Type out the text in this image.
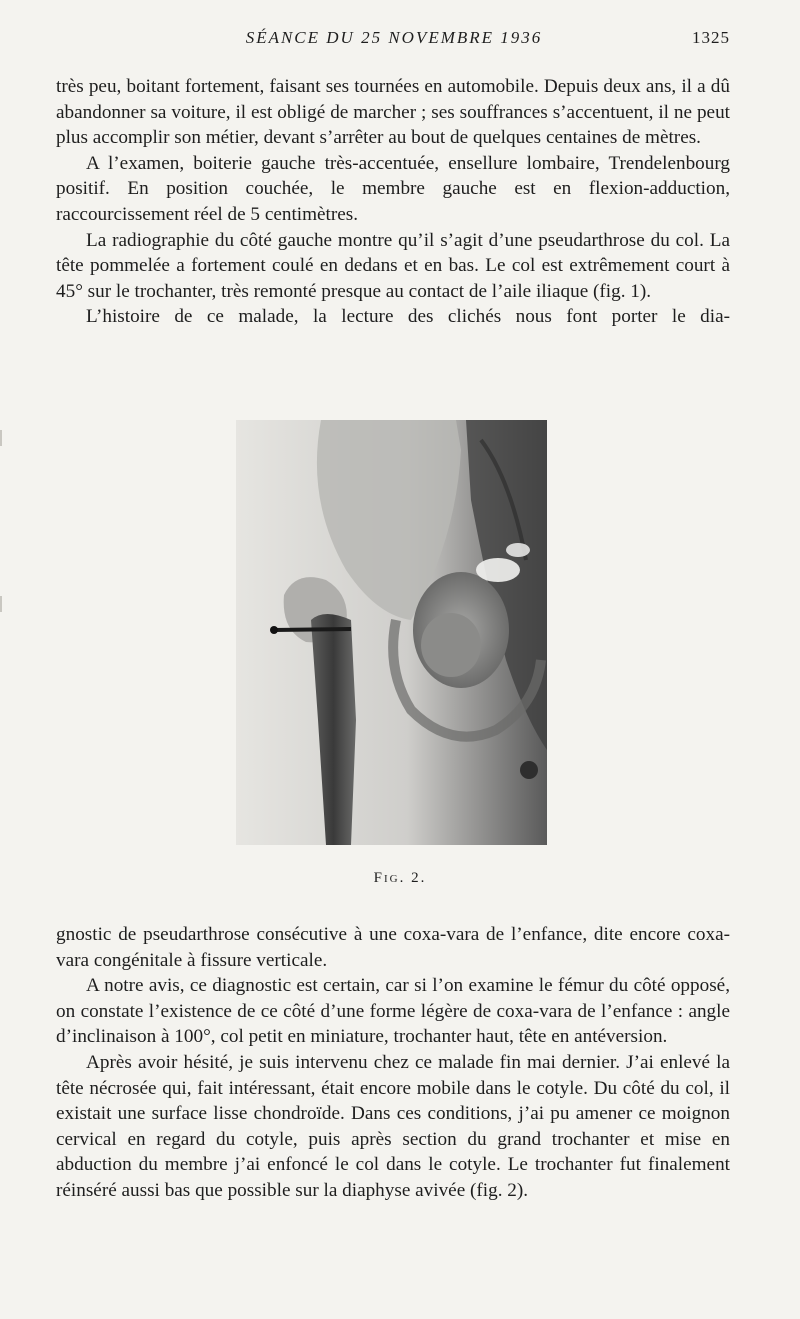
SÉANCE DU 25 NOVEMBRE 1936	1325

très peu, boitant fortement, faisant ses tournées en automobile. Depuis deux ans, il a dû abandonner sa voiture, il est obligé de marcher ; ses souffrances s’accentuent, il ne peut plus accomplir son métier, devant s’arrêter au bout de quelques centaines de mètres.

A l’examen, boiterie gauche très-accentuée, ensellure lombaire, Trendelenbourg positif. En position couchée, le membre gauche est en flexion-adduction, raccourcissement réel de 5 centimètres.

La radiographie du côté gauche montre qu’il s’agit d’une pseudarthrose du col. La tête pommelée a fortement coulé en dedans et en bas. Le col est extrêmement court à 45° sur le trochanter, très remonté presque au contact de l’aile iliaque (fig. 1).

L’histoire de ce malade, la lecture des clichés nous font porter le dia-

Fig. 2.

gnostic de pseudarthrose consécutive à une coxa-vara de l’enfance, dite encore coxa-vara congénitale à fissure verticale.

A notre avis, ce diagnostic est certain, car si l’on examine le fémur du côté opposé, on constate l’existence de ce côté d’une forme légère de coxa-vara de l’enfance : angle d’inclinaison à 100°, col petit en miniature, trochanter haut, tête en antéversion.

Après avoir hésité, je suis intervenu chez ce malade fin mai dernier. J’ai enlevé la tête nécrosée qui, fait intéressant, était encore mobile dans le cotyle. Du côté du col, il existait une surface lisse chondroïde. Dans ces conditions, j’ai pu amener ce moignon cervical en regard du cotyle, puis après section du grand trochanter et mise en abduction du membre j’ai enfoncé le col dans le cotyle. Le trochanter fut finalement réinséré aussi bas que possible sur la diaphyse avivée (fig. 2).
